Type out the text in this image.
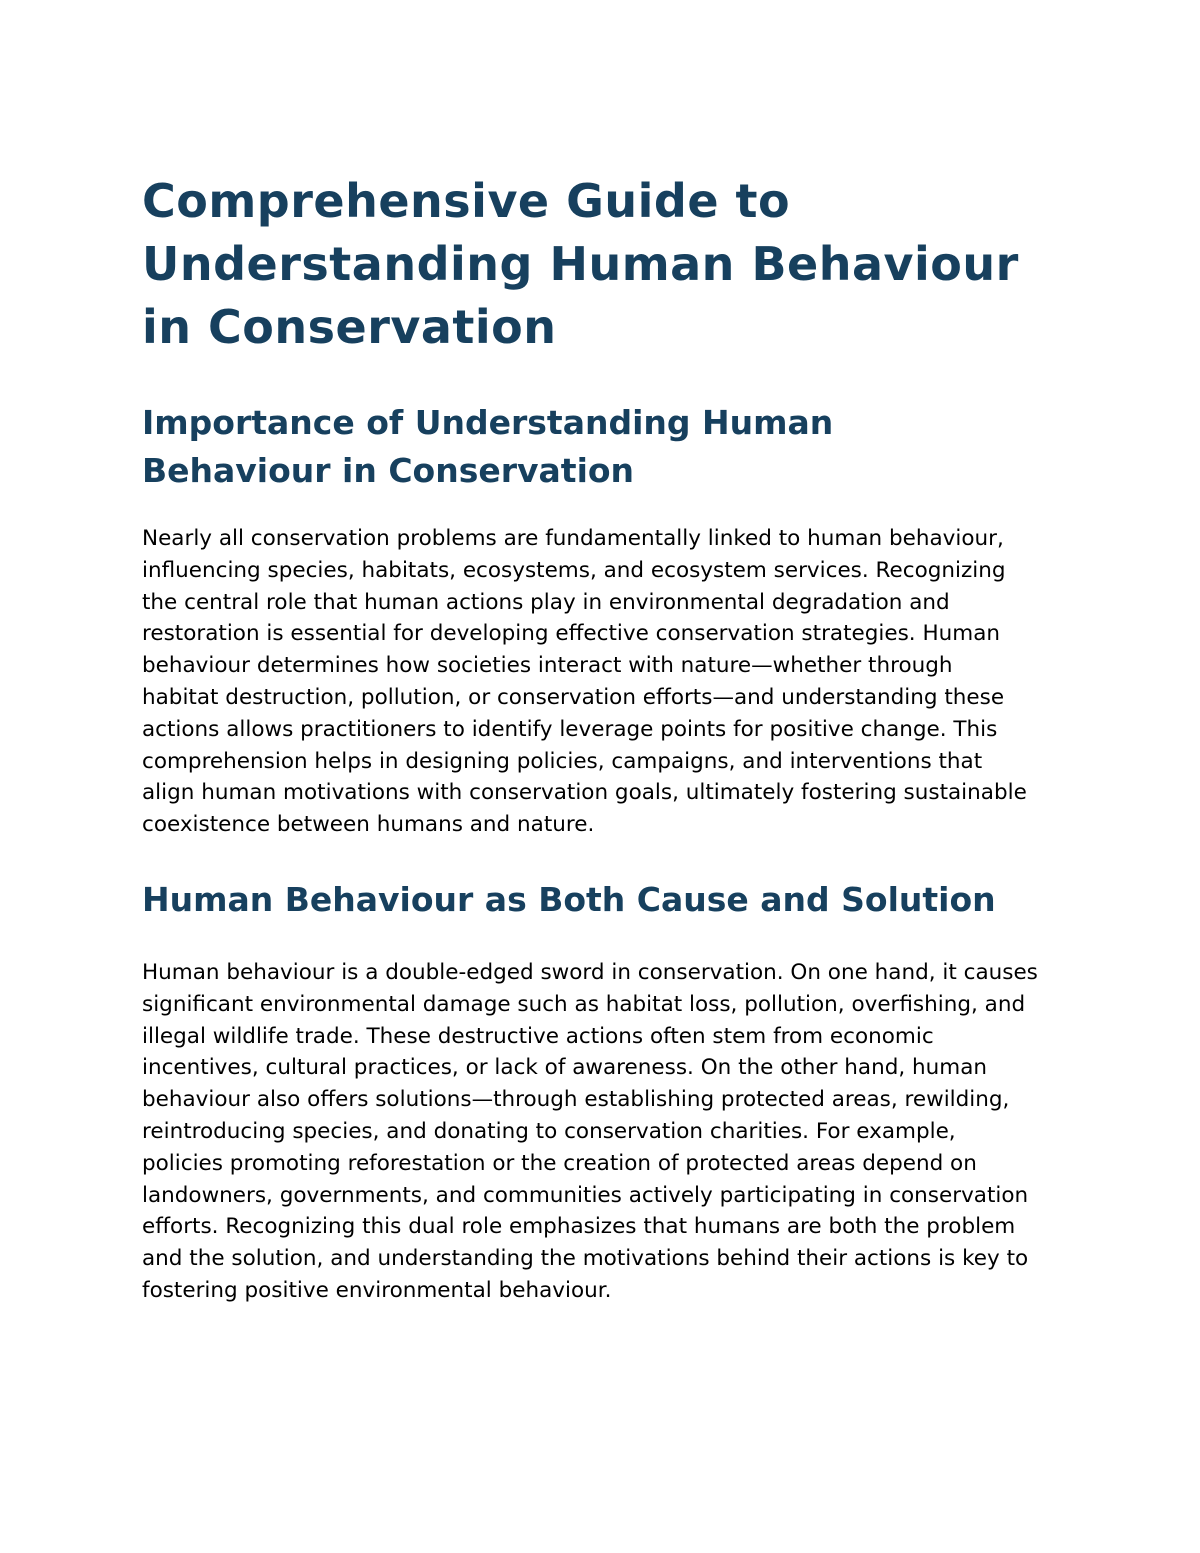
Comprehensive Guide to Understanding Human Behaviour in Conservation
Importance of Understanding Human Behaviour in Conservation

Nearly all conservation problems are fundamentally linked to human behaviour, influencing species, habitats, ecosystems, and ecosystem services. Recognizing the central role that human actions play in environmental degradation and restoration is essential for developing effective conservation strategies. Human behaviour determines how societies interact with nature—whether through habitat destruction, pollution, or conservation efforts—and understanding these actions allows practitioners to identify leverage points for positive change. This comprehension helps in designing policies, campaigns, and interventions that align human motivations with conservation goals, ultimately fostering sustainable coexistence between humans and nature.

Human Behaviour as Both Cause and Solution

Human behaviour is a double-edged sword in conservation. On one hand, it causes significant environmental damage such as habitat loss, pollution, overfishing, and illegal wildlife trade. These destructive actions often stem from economic incentives, cultural practices, or lack of awareness. On the other hand, human behaviour also offers solutions—through establishing protected areas, rewilding, reintroducing species, and donating to conservation charities. For example, policies promoting reforestation or the creation of protected areas depend on landowners, governments, and communities actively participating in conservation efforts. Recognizing this dual role emphasizes that humans are both the problem and the solution, and understanding the motivations behind their actions is key to fostering positive environmental behaviour.
